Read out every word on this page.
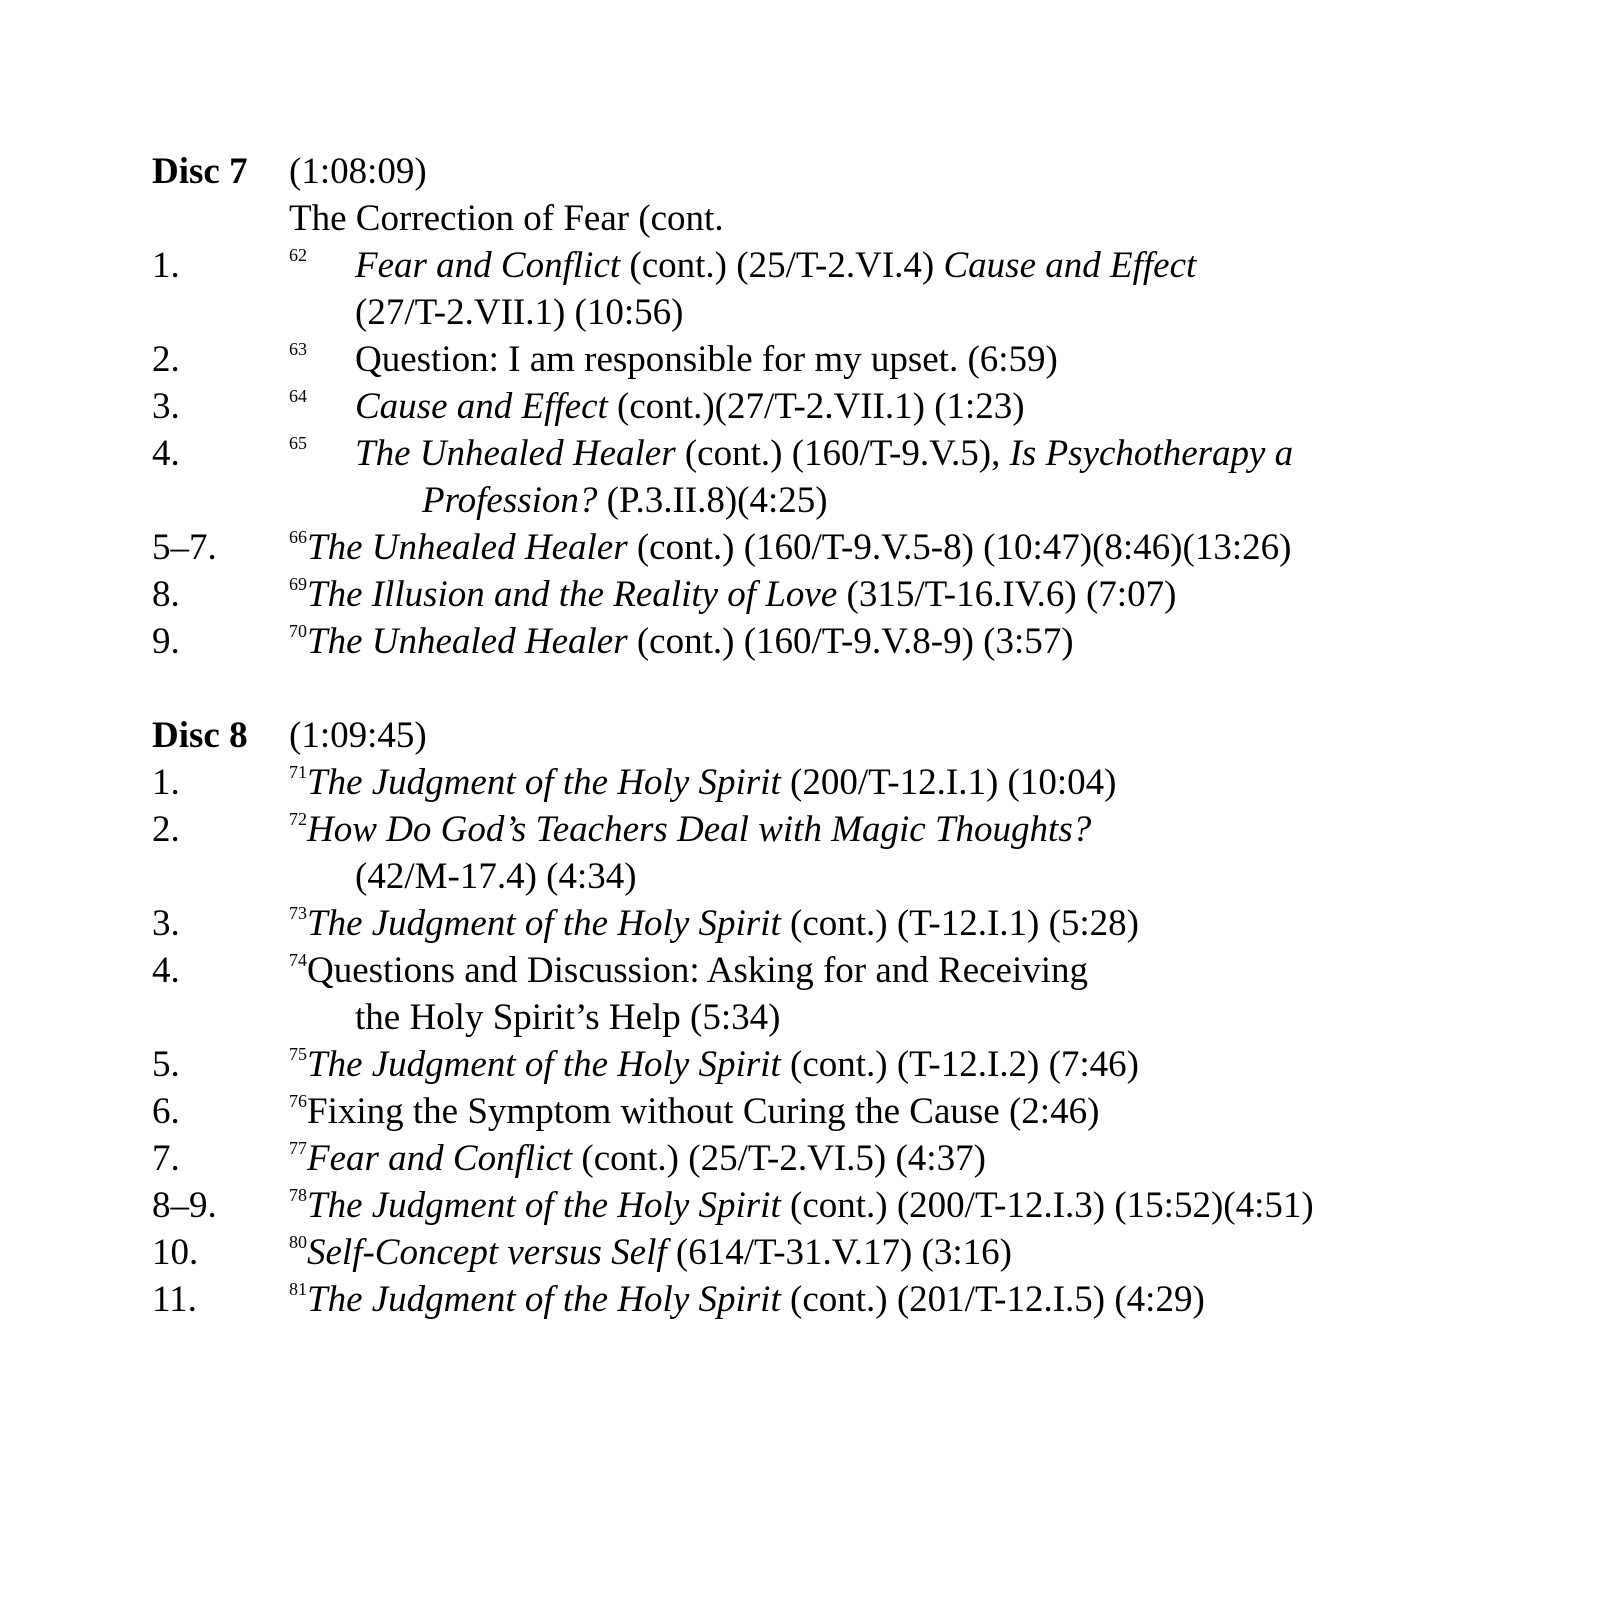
Disc 7 (1:08:09)
The Correction of Fear (cont.
1.	62 Fear and Conflict (cont.) (25/T-2.VI.4) Cause and Effect
(27/T-2.VII.1) (10:56)
2.	63 Question: I am responsible for my upset. (6:59)
3.	64 Cause and Effect (cont.)(27/T-2.VII.1) (1:23)
4.	65 The Unhealed Healer (cont.) (160/T-9.V.5), Is Psychotherapy a
Profession? (P.3.II.8)(4:25)
5–7.	$^{66}$The Unhealed Healer (cont.) (160/T-9.V.5-8) (10:47)(8:46)(13:26)
8.	$^{69}$The Illusion and the Reality of Love (315/T-16.IV.6) (7:07)
9.	$^{70}$The Unhealed Healer (cont.) (160/T-9.V.8-9) (3:57)
Disc 8 (1:09:45)
1.	$^{71}$The Judgment of the Holy Spirit (200/T-12.I.1) (10:04)
2.	$^{72}$How Do God’s Teachers Deal with Magic Thoughts?
(42/M-17.4) (4:34)
3.	$^{73}$The Judgment of the Holy Spirit (cont.) (T-12.I.1) (5:28)
4.	$^{74}$Questions and Discussion: Asking for and Receiving
the Holy Spirit’s Help (5:34)
5.	$^{75}$The Judgment of the Holy Spirit (cont.) (T-12.I.2) (7:46)
6.	$^{76}$Fixing the Symptom without Curing the Cause (2:46)
7.	$^{77}$Fear and Conflict (cont.) (25/T-2.VI.5) (4:37)
8–9.	$^{78}$The Judgment of the Holy Spirit (cont.) (200/T-12.I.3) (15:52)(4:51)
10.	$^{80}$Self-Concept versus Self (614/T-31.V.17) (3:16)
11.	$^{81}$The Judgment of the Holy Spirit (cont.) (201/T-12.I.5) (4:29)
